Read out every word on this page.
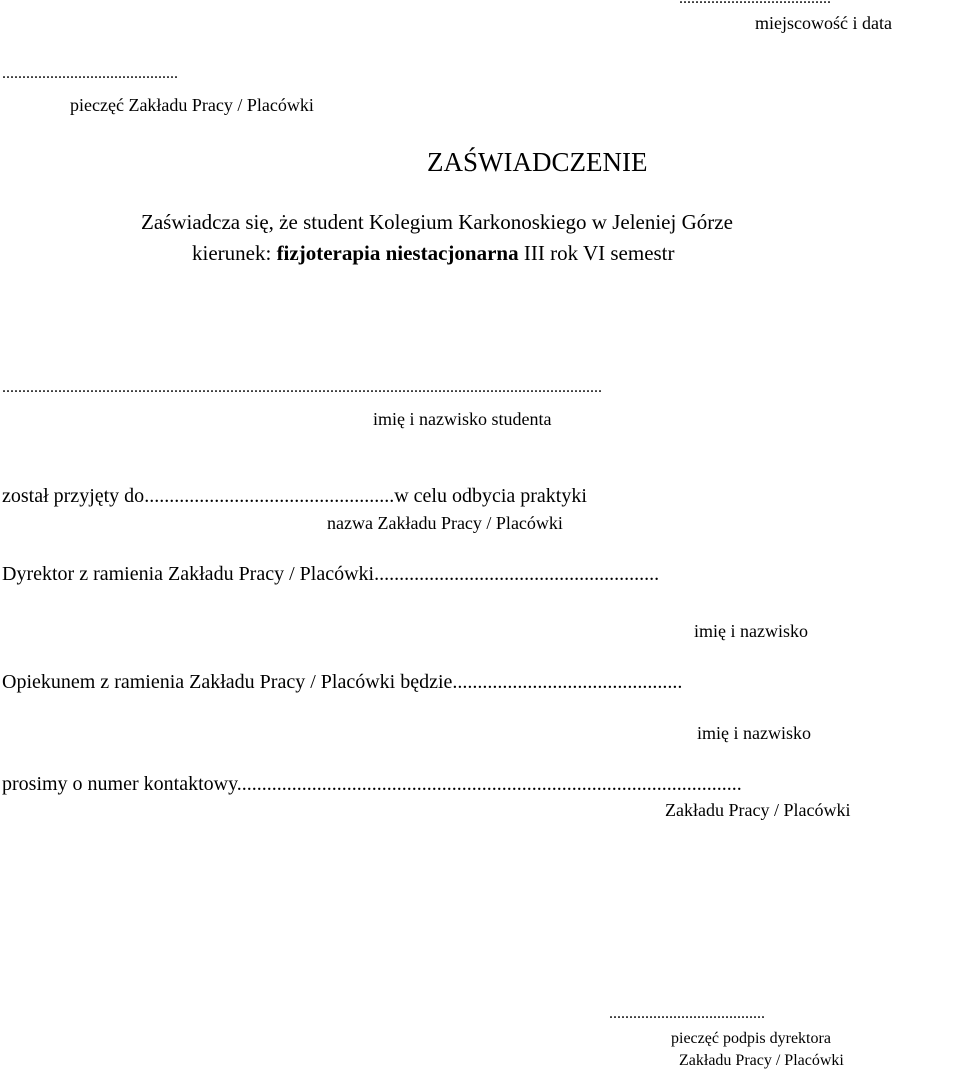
miejscowość i data
............................................
pieczęć Zakładu Pracy / Placówki
ZAŚWIADCZENIE
Zaświadcza się, że student Kolegium Karkonoskiego w Jeleniej Górze
kierunek: fizjoterapia niestacjonarna III rok VI semestr
......................................................................................................................................................
imię i nazwisko studenta
został przyjęty do..................................................w celu odbycia praktyki
nazwa Zakładu Pracy / Placówki
Dyrektor z ramienia Zakładu Pracy / Placówki.........................................................
imię i nazwisko
Opiekunem z ramienia Zakładu Pracy / Placówki będzie..............................................
imię i nazwisko
prosimy o numer kontaktowy.....................................................................................................
Zakładu Pracy / Placówki
.......................................
pieczęć podpis dyrektora
Zakładu Pracy / Placówki
